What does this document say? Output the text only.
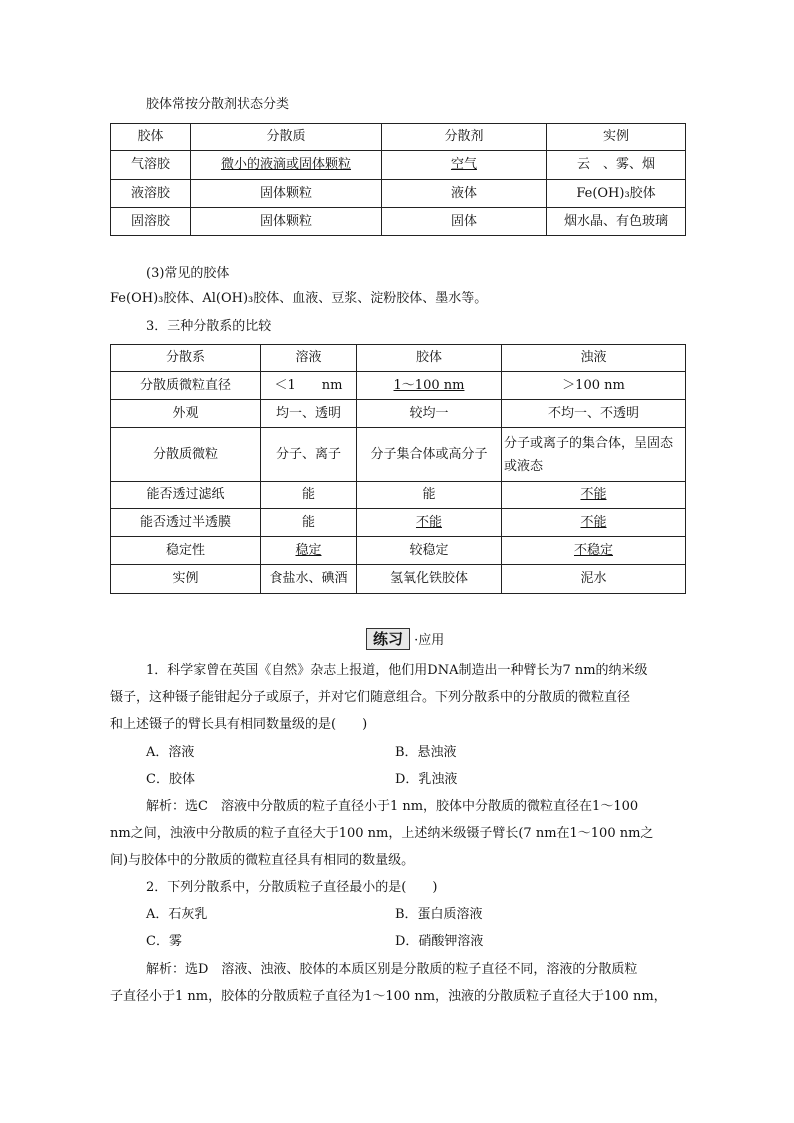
胶体常按分散剂状态分类
胶体	分散质	分散剂	实例
气溶胶	微小的液滴或固体颗粒	空气	云　、雾、烟
液溶胶	固体颗粒	液体	Fe(OH)₃胶体
固溶胶	固体颗粒	固体	烟水晶、有色玻璃
(3)常见的胶体
Fe(OH)₃胶体、Al(OH)₃胶体、血液、豆浆、淀粉胶体、墨水等。
3．三种分散系的比较
分散系	溶液	胶体	浊液
分散质微粒直径	＜1　　nm	1～100 nm	＞100 nm
外观	均一、透明	较均一	不均一、不透明
分散质微粒	分子、离子	分子集合体或高分子	分子或离子的集合体，呈固态或液态
能否透过滤纸	能	能	不能
能否透过半透膜	能	不能	不能
稳定性	稳定	较稳定	不稳定
实例	食盐水、碘酒	氢氧化铁胶体	泥水
练习 ·应用
1．科学家曾在英国《自然》杂志上报道，他们用DNA制造出一种臂长为7 nm的纳米级
镊子，这种镊子能钳起分子或原子，并对它们随意组合。下列分散系中的分散质的微粒直径
和上述镊子的臂长具有相同数量级的是(　　)
A．溶液	B．悬浊液
C．胶体	D．乳浊液
解析：选C　溶液中分散质的粒子直径小于1 nm，胶体中分散质的微粒直径在1～100
nm之间，浊液中分散质的粒子直径大于100 nm，上述纳米级镊子臂长(7 nm在1～100 nm之
间)与胶体中的分散质的微粒直径具有相同的数量级。
2．下列分散系中，分散质粒子直径最小的是(　　)
A．石灰乳	B．蛋白质溶液
C．雾	D．硝酸钾溶液
解析：选D　溶液、浊液、胶体的本质区别是分散质的粒子直径不同，溶液的分散质粒
子直径小于1 nm，胶体的分散质粒子直径为1～100 nm，浊液的分散质粒子直径大于100 nm，
